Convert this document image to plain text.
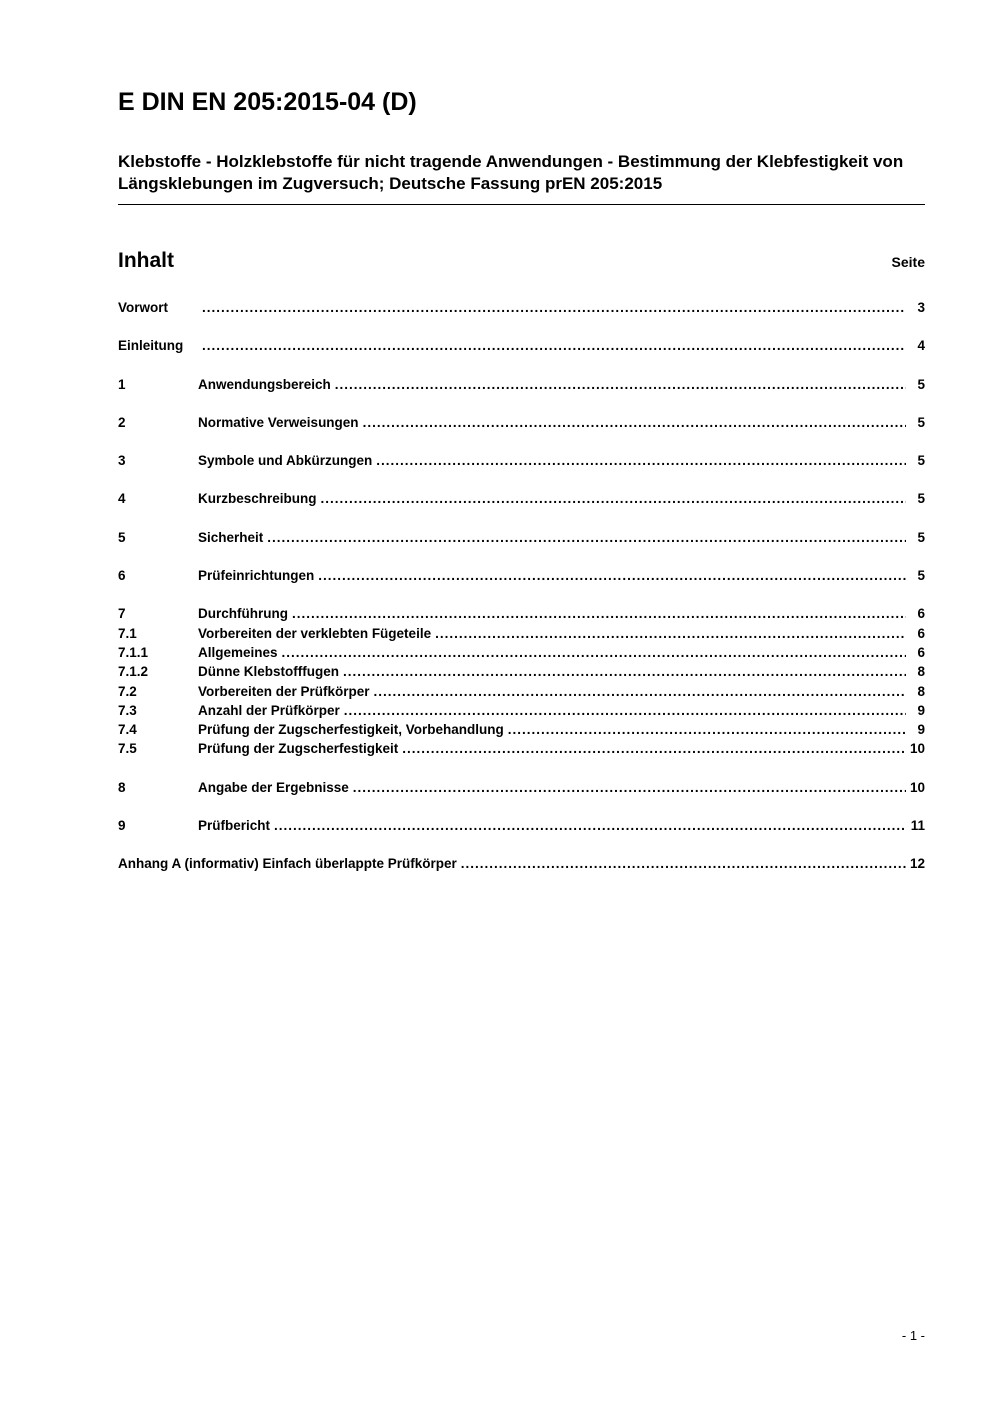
E DIN EN 205:2015-04 (D)
Klebstoffe - Holzklebstoffe für nicht tragende Anwendungen - Bestimmung der Klebfestigkeit von Längsklebungen im Zugversuch; Deutsche Fassung prEN 205:2015
Inhalt	Seite
Vorwort .....	3
Einleitung .....	4
1	Anwendungsbereich .....	5
2	Normative Verweisungen .....	5
3	Symbole und Abkürzungen .....	5
4	Kurzbeschreibung .....	5
5	Sicherheit .....	5
6	Prüfeinrichtungen .....	5
7	Durchführung .....	6
7.1	Vorbereiten der verklebten Fügeteile .....	6
7.1.1	Allgemeines .....	6
7.1.2	Dünne Klebstofffugen .....	8
7.2	Vorbereiten der Prüfkörper .....	8
7.3	Anzahl der Prüfkörper .....	9
7.4	Prüfung der Zugscherfestigkeit, Vorbehandlung .....	9
7.5	Prüfung der Zugscherfestigkeit .....	10
8	Angabe der Ergebnisse .....	10
9	Prüfbericht .....	11
Anhang A (informativ) Einfach überlappte Prüfkörper .....	12
- 1 -
